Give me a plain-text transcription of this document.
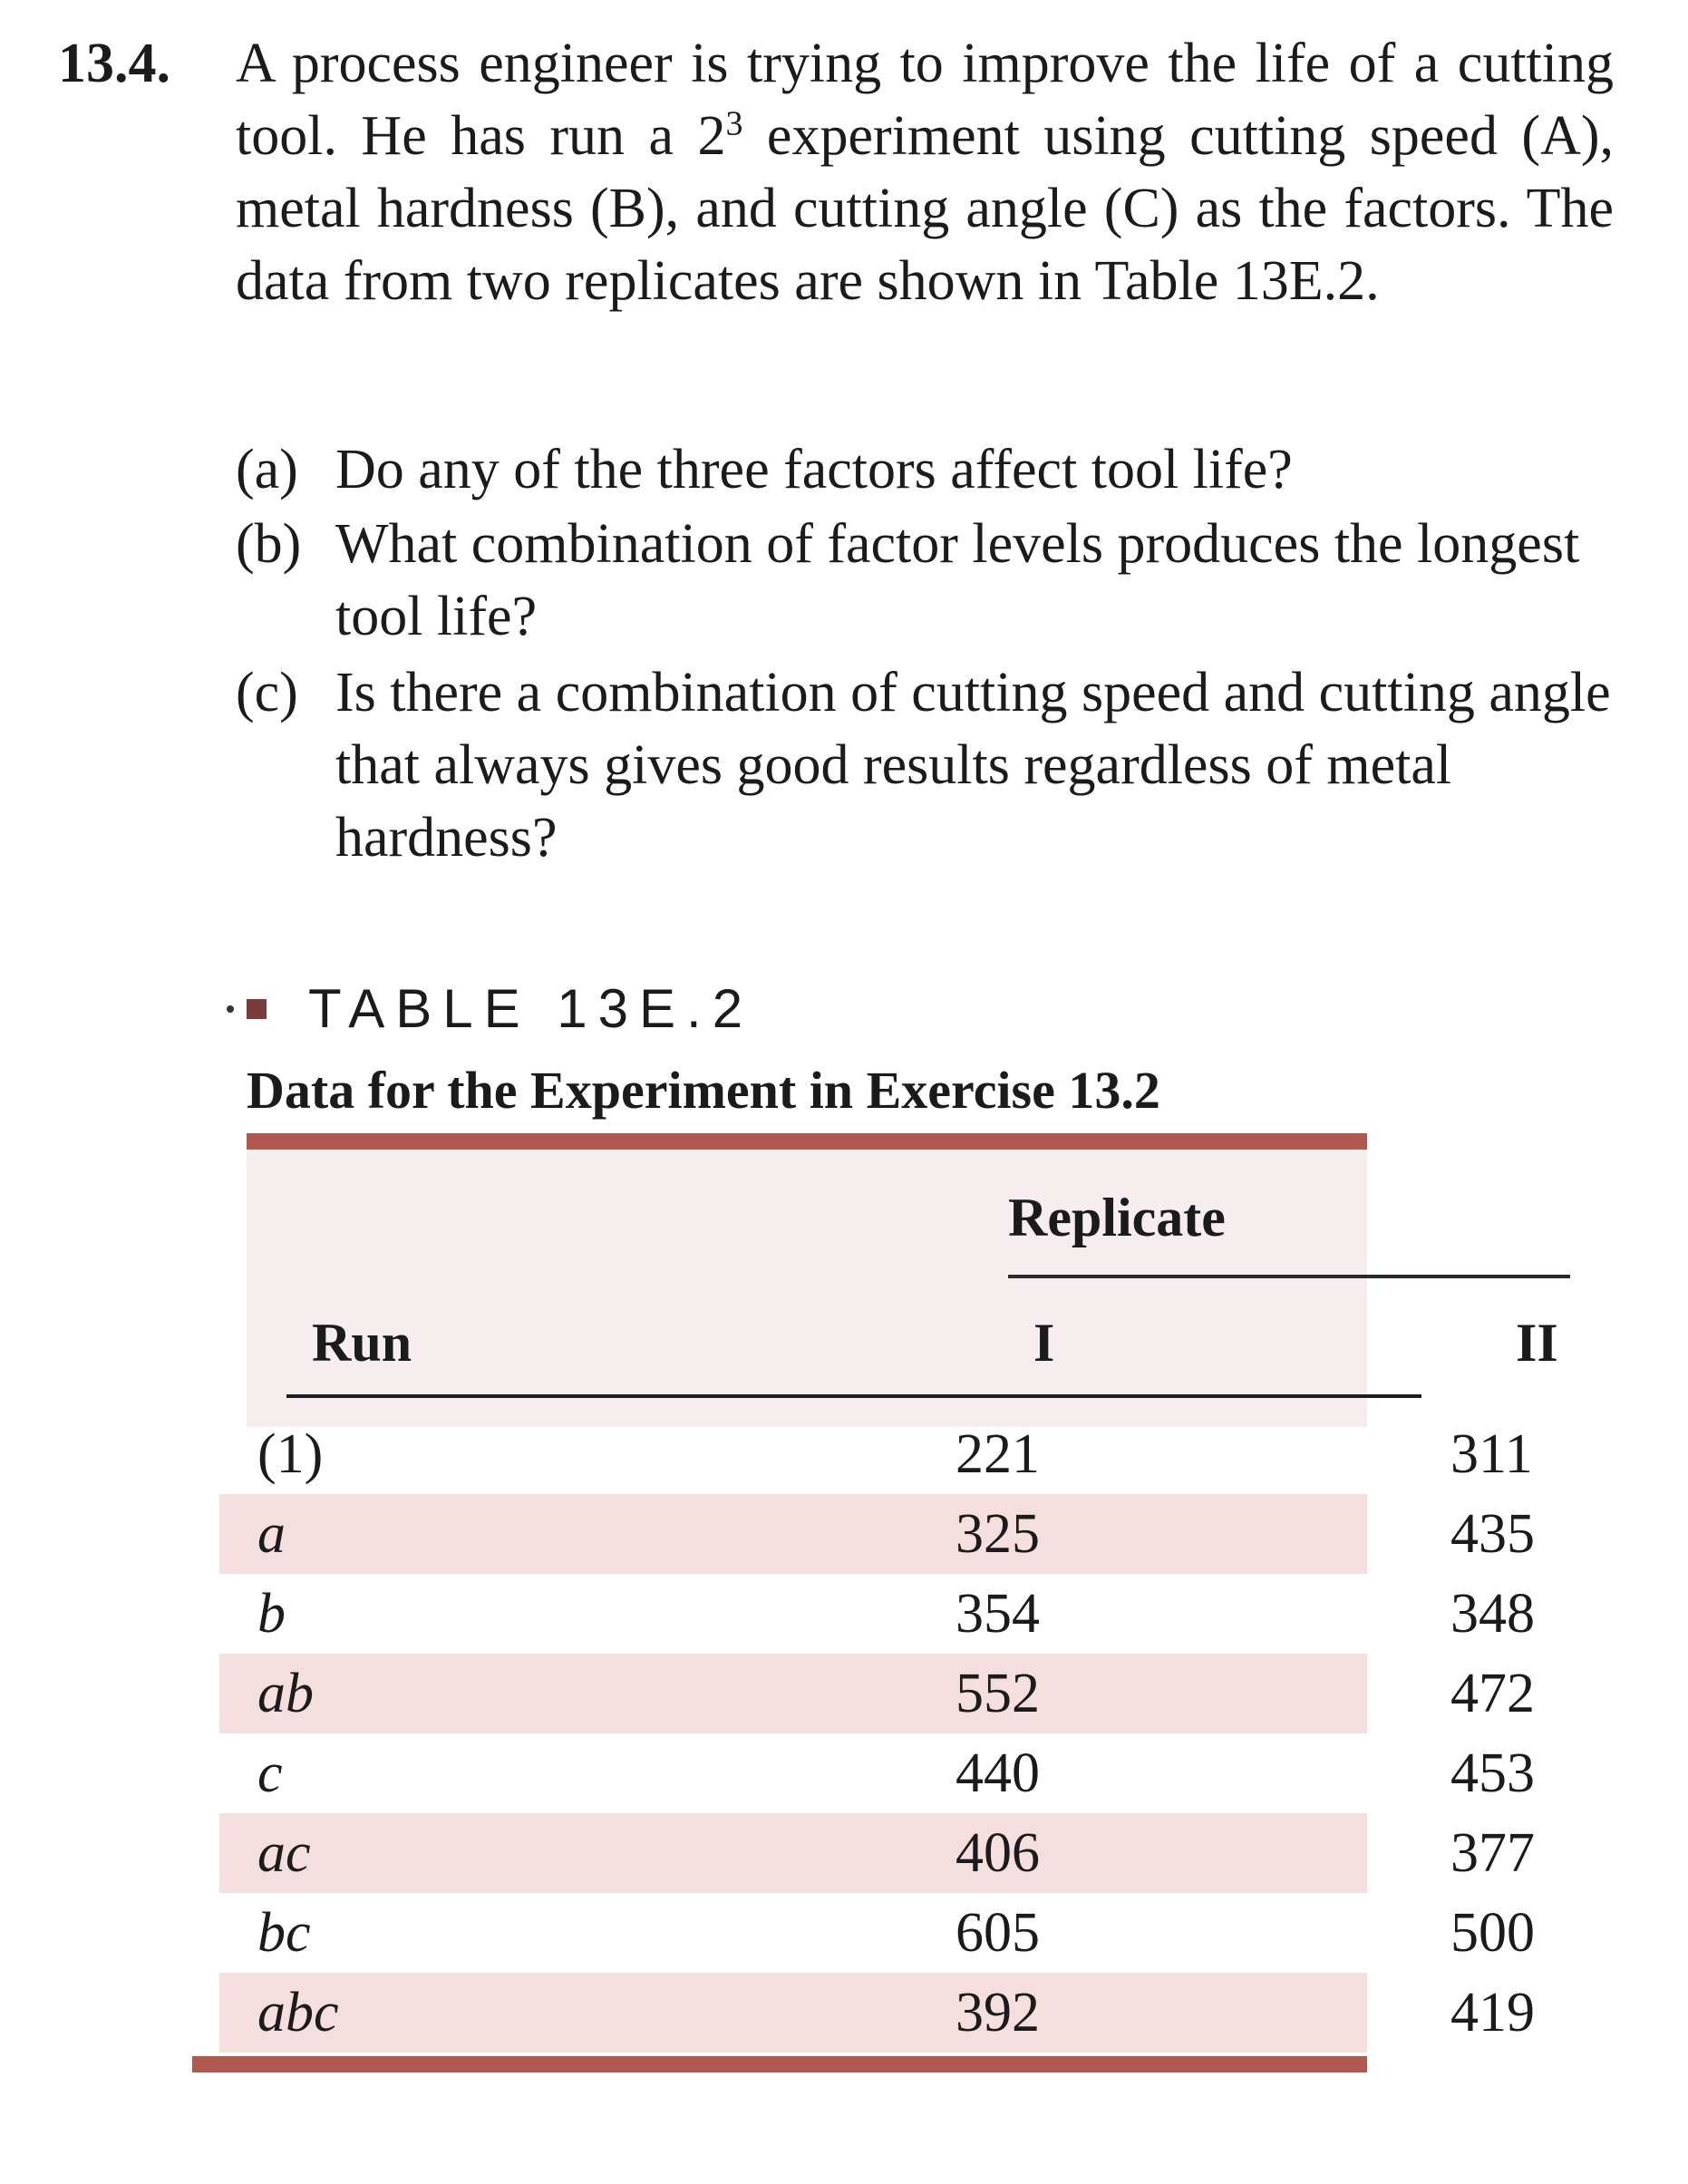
13.4. A process engineer is trying to improve the life of a cutting tool. He has run a $2^3$ experiment using cutting speed (A), metal hardness (B), and cutting angle (C) as the factors. The data from two replicates are shown in Table 13E.2.
(a) Do any of the three factors affect tool life?
(b) What combination of factor levels produces the longest tool life?
(c) Is there a combination of cutting speed and cutting angle that always gives good results regardless of metal hardness?
TABLE 13E.2
Data for the Experiment in Exercise 13.2
Replicate
Run	I	II
(1)	221	311
a	325	435
b	354	348
ab	552	472
c	440	453
ac	406	377
bc	605	500
abc	392	419
